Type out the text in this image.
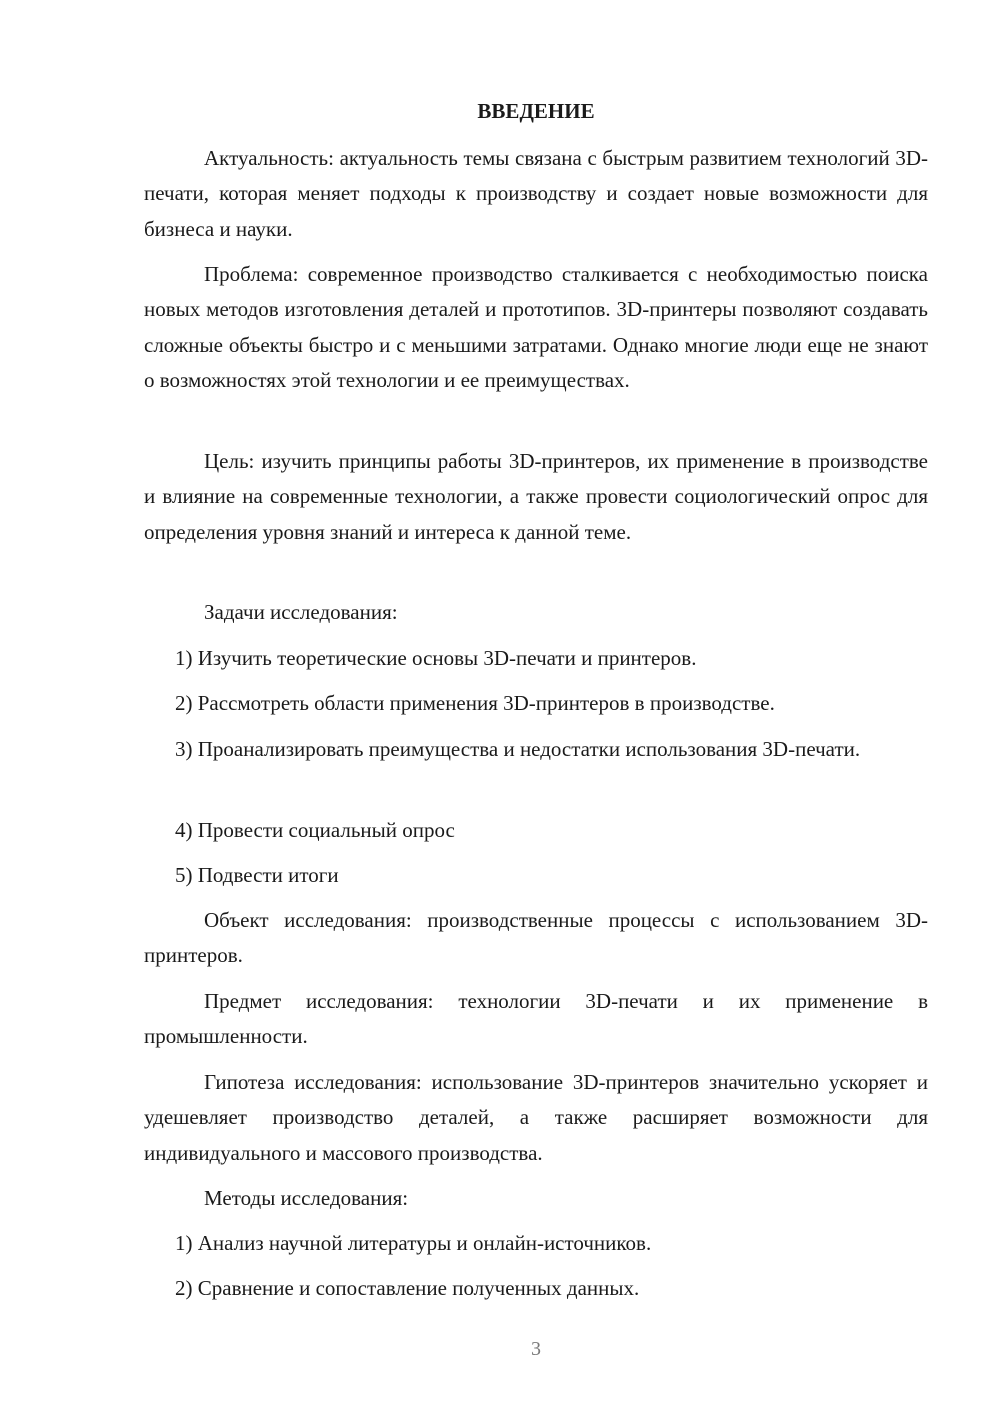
ВВЕДЕНИЕ

Актуальность: актуальность темы связана с быстрым развитием технологий 3D-печати, которая меняет подходы к производству и создает новые возможности для бизнеса и науки.

Проблема: современное производство сталкивается с необходимостью поиска новых методов изготовления деталей и прототипов. 3D-принтеры позволяют создавать сложные объекты быстро и с меньшими затратами. Однако многие люди еще не знают о возможностях этой технологии и ее преимуществах.

Цель: изучить принципы работы 3D-принтеров, их применение в производстве и влияние на современные технологии, а также провести социологический опрос для определения уровня знаний и интереса к данной теме.

Задачи исследования:

1) Изучить теоретические основы 3D-печати и принтеров.

2) Рассмотреть области применения 3D-принтеров в производстве.

3) Проанализировать преимущества и недостатки использования 3D-печати.

4) Провести социальный опрос

5) Подвести итоги

Объект исследования: производственные процессы с использованием 3D-принтеров.

Предмет исследования: технологии 3D-печати и их применение в промышленности.

Гипотеза исследования: использование 3D-принтеров значительно ускоряет и удешевляет производство деталей, а также расширяет возможности для индивидуального и массового производства.

Методы исследования:

1) Анализ научной литературы и онлайн-источников.

2) Сравнение и сопоставление полученных данных.

3
